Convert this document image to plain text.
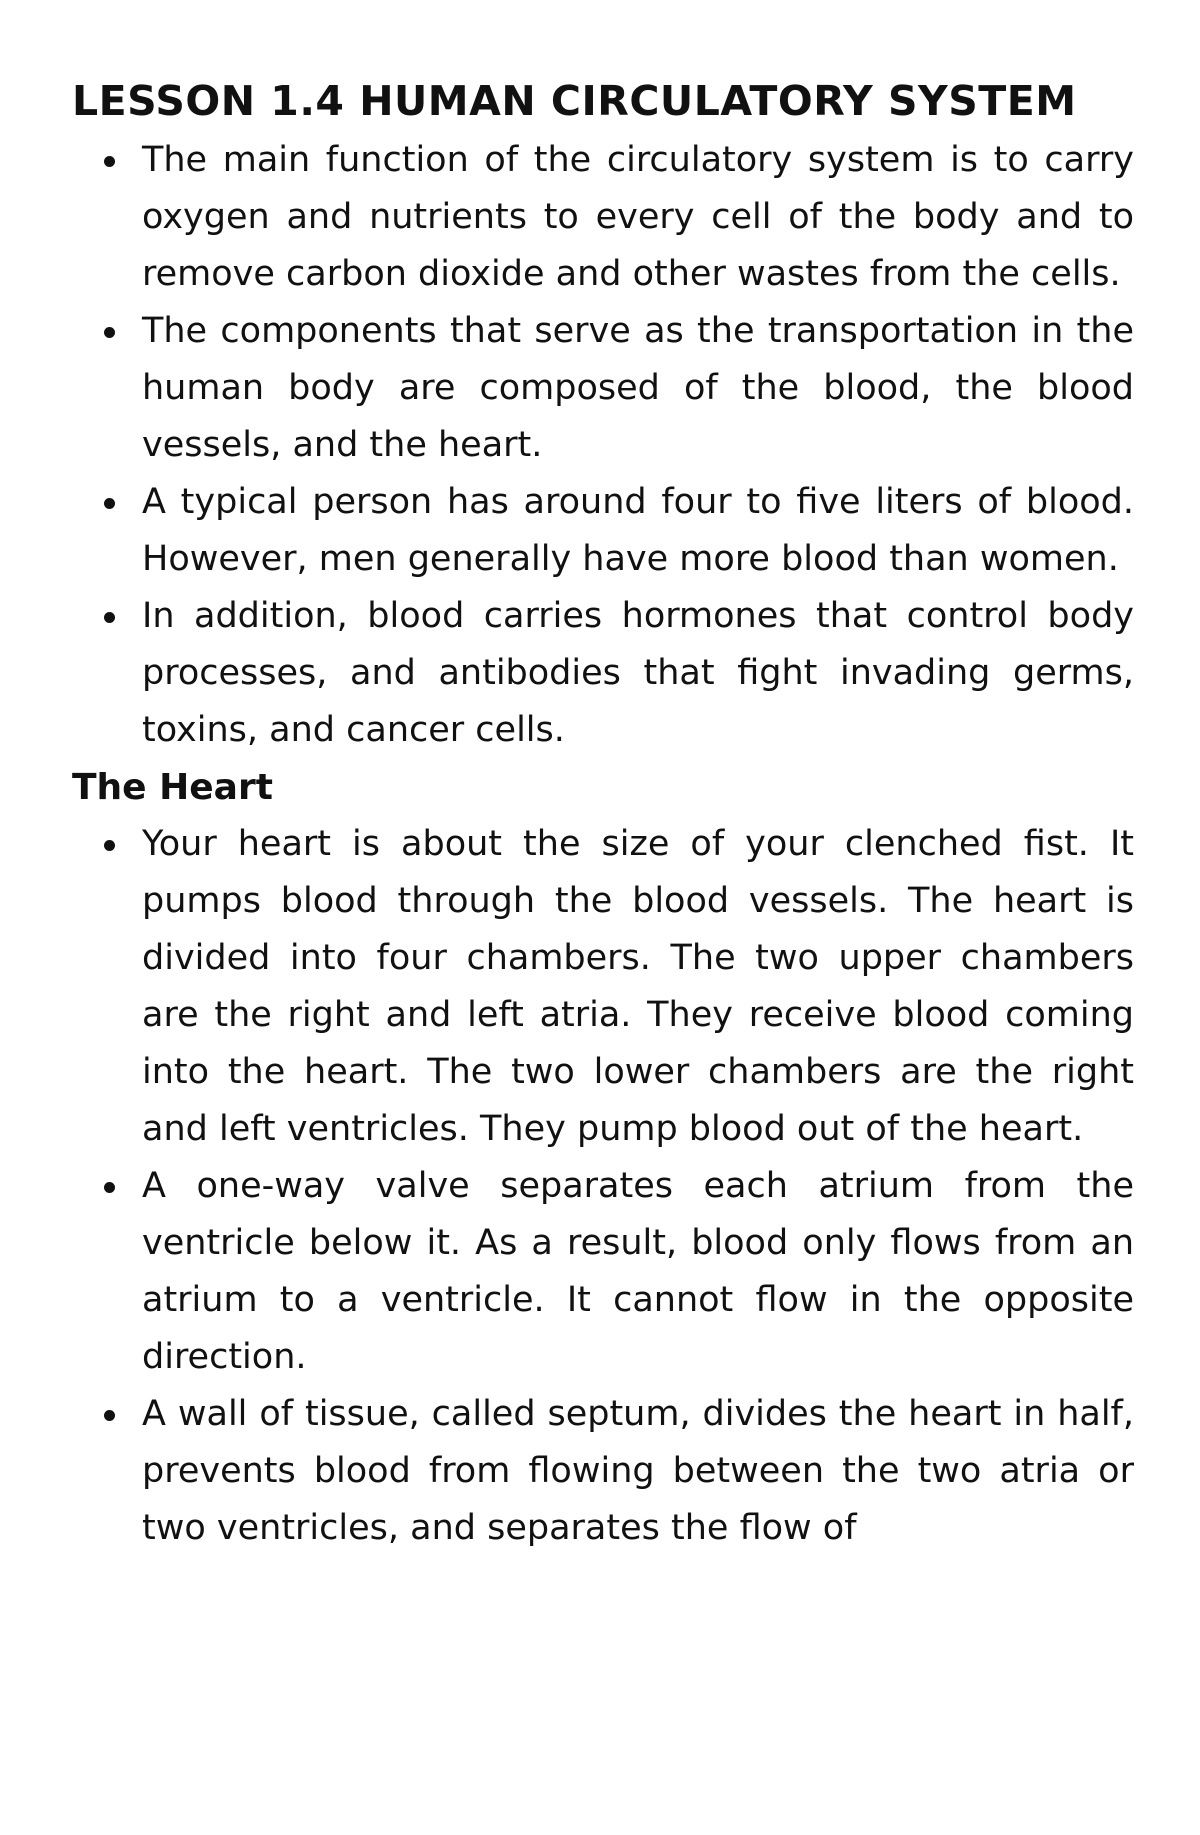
LESSON 1.4 HUMAN CIRCULATORY SYSTEM
The main function of the circulatory system is to carry oxygen and nutrients to every cell of the body and to remove carbon dioxide and other wastes from the cells.
The components that serve as the transportation in the human body are composed of the blood, the blood vessels, and the heart.
A typical person has around four to five liters of blood. However, men generally have more blood than women.
In addition, blood carries hormones that control body processes, and antibodies that fight invading germs, toxins, and cancer cells.
The Heart
Your heart is about the size of your clenched fist. It pumps blood through the blood vessels. The heart is divided into four chambers. The two upper chambers are the right and left atria. They receive blood coming into the heart. The two lower chambers are the right and left ventricles. They pump blood out of the heart.
A one-way valve separates each atrium from the ventricle below it. As a result, blood only flows from an atrium to a ventricle. It cannot flow in the opposite direction.
A wall of tissue, called septum, divides the heart in half, prevents blood from flowing between the two atria or two ventricles, and separates the flow of
